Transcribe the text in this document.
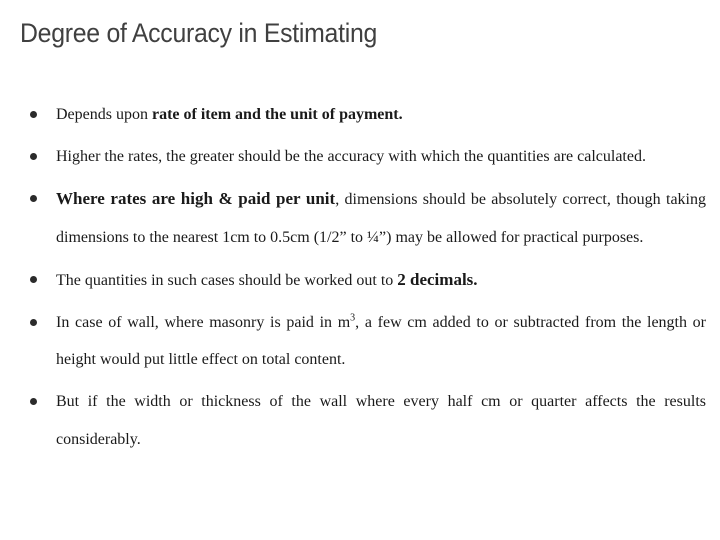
Degree of Accuracy in Estimating
Depends upon rate of item and the unit of payment.
Higher the rates, the greater should be the accuracy with which the quantities are calculated.
Where rates are high & paid per unit, dimensions should be absolutely correct, though taking dimensions to the nearest 1cm to 0.5cm (1/2” to ¼”) may be allowed for practical purposes.
The quantities in such cases should be worked out to 2 decimals.
In case of wall, where masonry is paid in $m^3$, a few cm added to or subtracted from the length or height would put little effect on total content.
But if the width or thickness of the wall where every half cm or quarter affects the results considerably.
